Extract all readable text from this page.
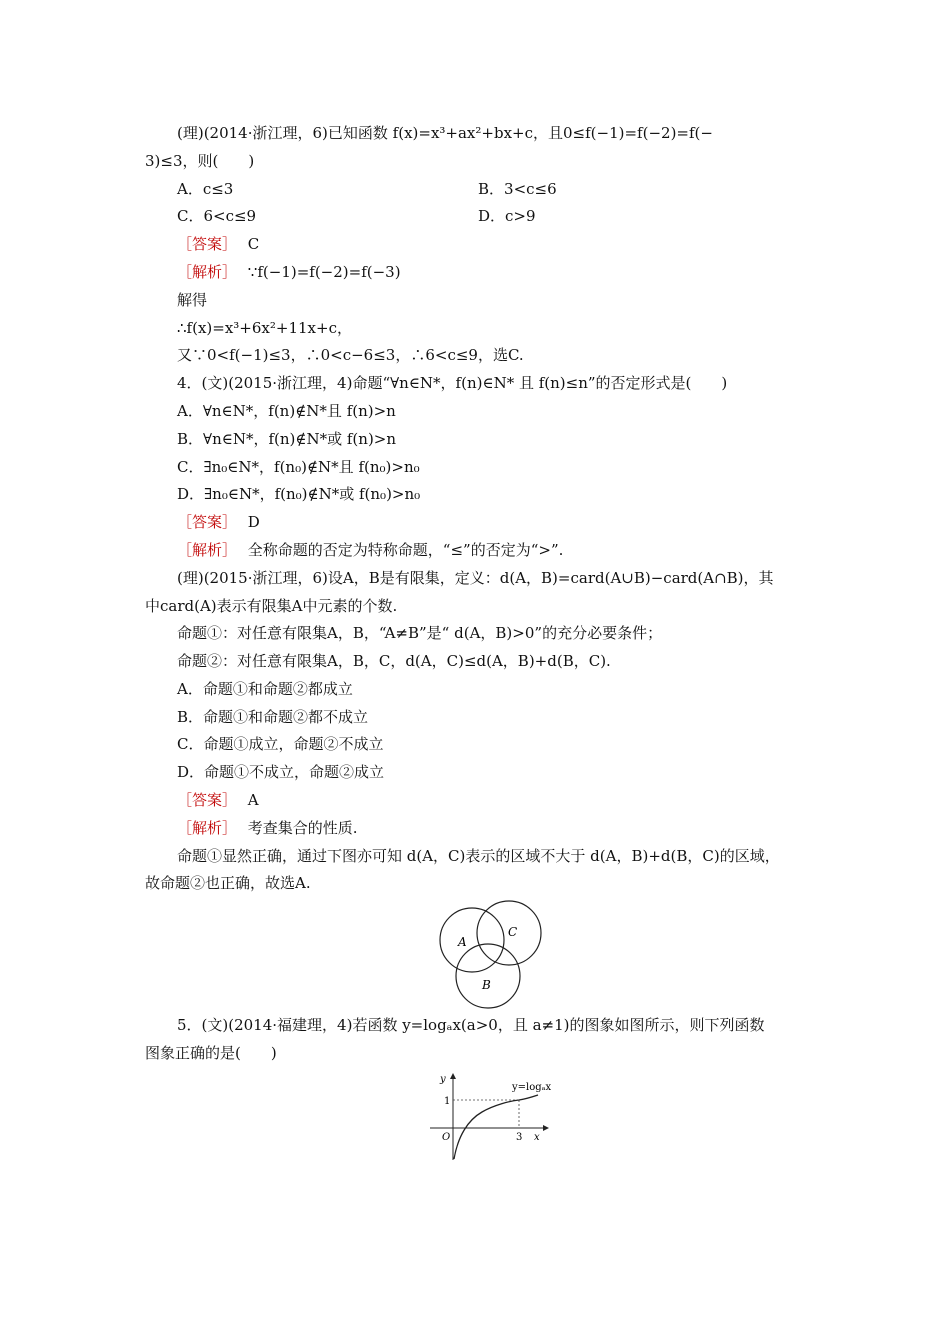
(理)(2014·浙江理，6)已知函数 f(x)=x³+ax²+bx+c，且0≤f(−1)=f(−2)=f(−
3)≤3，则(　　)
A．c≤3	B．3<c≤6
C．6<c≤9	D．c>9
［答案］ C
［解析］ ∵f(−1)=f(−2)=f(−3)
解得
∴f(x)=x³+6x²+11x+c，
又∵0<f(−1)≤3，∴0<c−6≤3，∴6<c≤9，选C.
4．(文)(2015·浙江理，4)命题“∀n∈N*，f(n)∈N* 且 f(n)≤n”的否定形式是(　　)
A．∀n∈N*，f(n)∉N*且 f(n)>n
B．∀n∈N*，f(n)∉N*或 f(n)>n
C．∃n₀∈N*，f(n₀)∉N*且 f(n₀)>n₀
D．∃n₀∈N*，f(n₀)∉N*或 f(n₀)>n₀
［答案］ D
［解析］ 全称命题的否定为特称命题，“≤”的否定为“>”.
(理)(2015·浙江理，6)设A，B是有限集，定义：d(A，B)=card(A∪B)−card(A∩B)，其
中card(A)表示有限集A中元素的个数.
命题①：对任意有限集A，B，“A≠B”是“ d(A，B)>0”的充分必要条件；
命题②：对任意有限集A，B，C，d(A，C)≤d(A，B)+d(B，C).
A．命题①和命题②都成立
B．命题①和命题②都不成立
C．命题①成立，命题②不成立
D．命题①不成立，命题②成立
［答案］ A
［解析］ 考查集合的性质.
命题①显然正确，通过下图亦可知 d(A，C)表示的区域不大于 d(A，B)+d(B，C)的区域，
故命题②也正确，故选A.
A
C
B
5．(文)(2014·福建理，4)若函数 y=logₐx(a>0，且 a≠1)的图象如图所示，则下列函数
图象正确的是(　　)
y
x
O
1
3
y=logₐx
